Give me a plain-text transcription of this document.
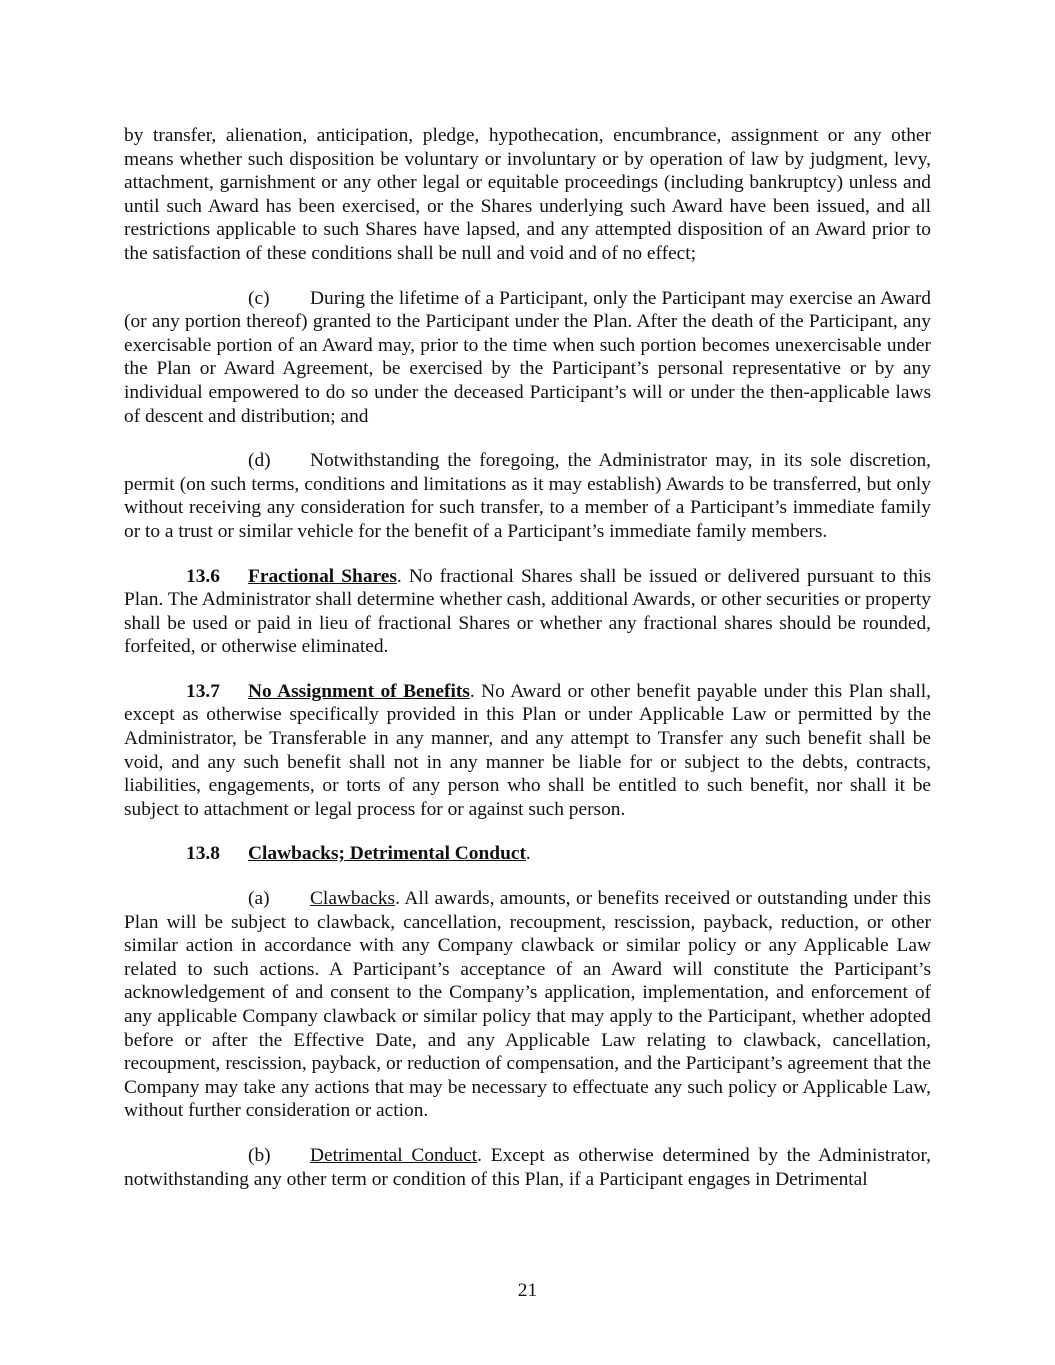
by transfer, alienation, anticipation, pledge, hypothecation, encumbrance, assignment or any other means whether such disposition be voluntary or involuntary or by operation of law by judgment, levy, attachment, garnishment or any other legal or equitable proceedings (including bankruptcy) unless and until such Award has been exercised, or the Shares underlying such Award have been issued, and all restrictions applicable to such Shares have lapsed, and any attempted disposition of an Award prior to the satisfaction of these conditions shall be null and void and of no effect;

(c) During the lifetime of a Participant, only the Participant may exercise an Award (or any portion thereof) granted to the Participant under the Plan. After the death of the Participant, any exercisable portion of an Award may, prior to the time when such portion becomes unexercisable under the Plan or Award Agreement, be exercised by the Participant’s personal representative or by any individual empowered to do so under the deceased Participant’s will or under the then-applicable laws of descent and distribution; and

(d) Notwithstanding the foregoing, the Administrator may, in its sole discretion, permit (on such terms, conditions and limitations as it may establish) Awards to be transferred, but only without receiving any consideration for such transfer, to a member of a Participant’s immediate family or to a trust or similar vehicle for the benefit of a Participant’s immediate family members.

13.6 Fractional Shares. No fractional Shares shall be issued or delivered pursuant to this Plan. The Administrator shall determine whether cash, additional Awards, or other securities or property shall be used or paid in lieu of fractional Shares or whether any fractional shares should be rounded, forfeited, or otherwise eliminated.

13.7 No Assignment of Benefits. No Award or other benefit payable under this Plan shall, except as otherwise specifically provided in this Plan or under Applicable Law or permitted by the Administrator, be Transferable in any manner, and any attempt to Transfer any such benefit shall be void, and any such benefit shall not in any manner be liable for or subject to the debts, contracts, liabilities, engagements, or torts of any person who shall be entitled to such benefit, nor shall it be subject to attachment or legal process for or against such person.

13.8 Clawbacks; Detrimental Conduct.

(a) Clawbacks. All awards, amounts, or benefits received or outstanding under this Plan will be subject to clawback, cancellation, recoupment, rescission, payback, reduction, or other similar action in accordance with any Company clawback or similar policy or any Applicable Law related to such actions. A Participant’s acceptance of an Award will constitute the Participant’s acknowledgement of and consent to the Company’s application, implementation, and enforcement of any applicable Company clawback or similar policy that may apply to the Participant, whether adopted before or after the Effective Date, and any Applicable Law relating to clawback, cancellation, recoupment, rescission, payback, or reduction of compensation, and the Participant’s agreement that the Company may take any actions that may be necessary to effectuate any such policy or Applicable Law, without further consideration or action.

(b) Detrimental Conduct. Except as otherwise determined by the Administrator, notwithstanding any other term or condition of this Plan, if a Participant engages in Detrimental

21
